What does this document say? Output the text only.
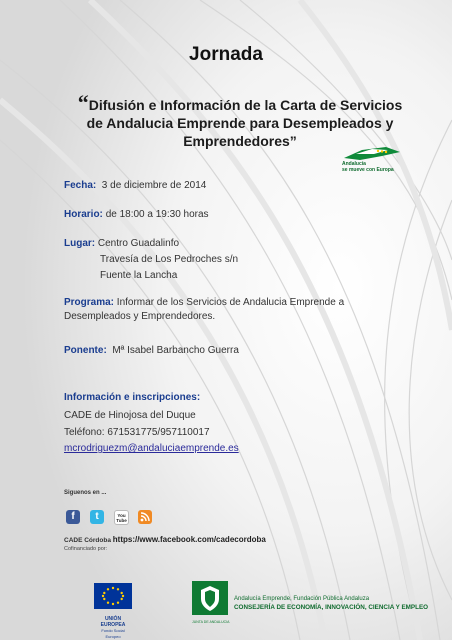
Jornada
“Difusión e Información de la Carta de Servicios
de Andalucia Emprende para Desempleados y
Emprendedores”
Andalucía
se mueve con Europa
Fecha: 3 de diciembre de 2014
Horario: de 18:00 a 19:30 horas
Lugar: Centro Guadalinfo
Travesía de Los Pedroches s/n
Fuente la Lancha
Programa: Informar de los Servicios de Andalucia Emprende a
Desempleados y Emprendedores.
Ponente: Mª Isabel Barbancho Guerra
Información e inscripciones:
CADE de Hinojosa del Duque
Teléfono: 671531775/957110017
mcrodriguezm@andaluciaemprende.es
Siguenos en ...
f	t	You Tube
CADE Córdoba https://www.facebook.com/cadecordoba
Cofinanciado por:
UNIÓN EUROPEA
Fondo Social Europeo
JUNTA DE ANDALUCIA
Andalucía Emprende, Fundación Pública Andaluza
CONSEJERÍA DE ECONOMÍA, INNOVACIÓN, CIENCIA Y EMPLEO
